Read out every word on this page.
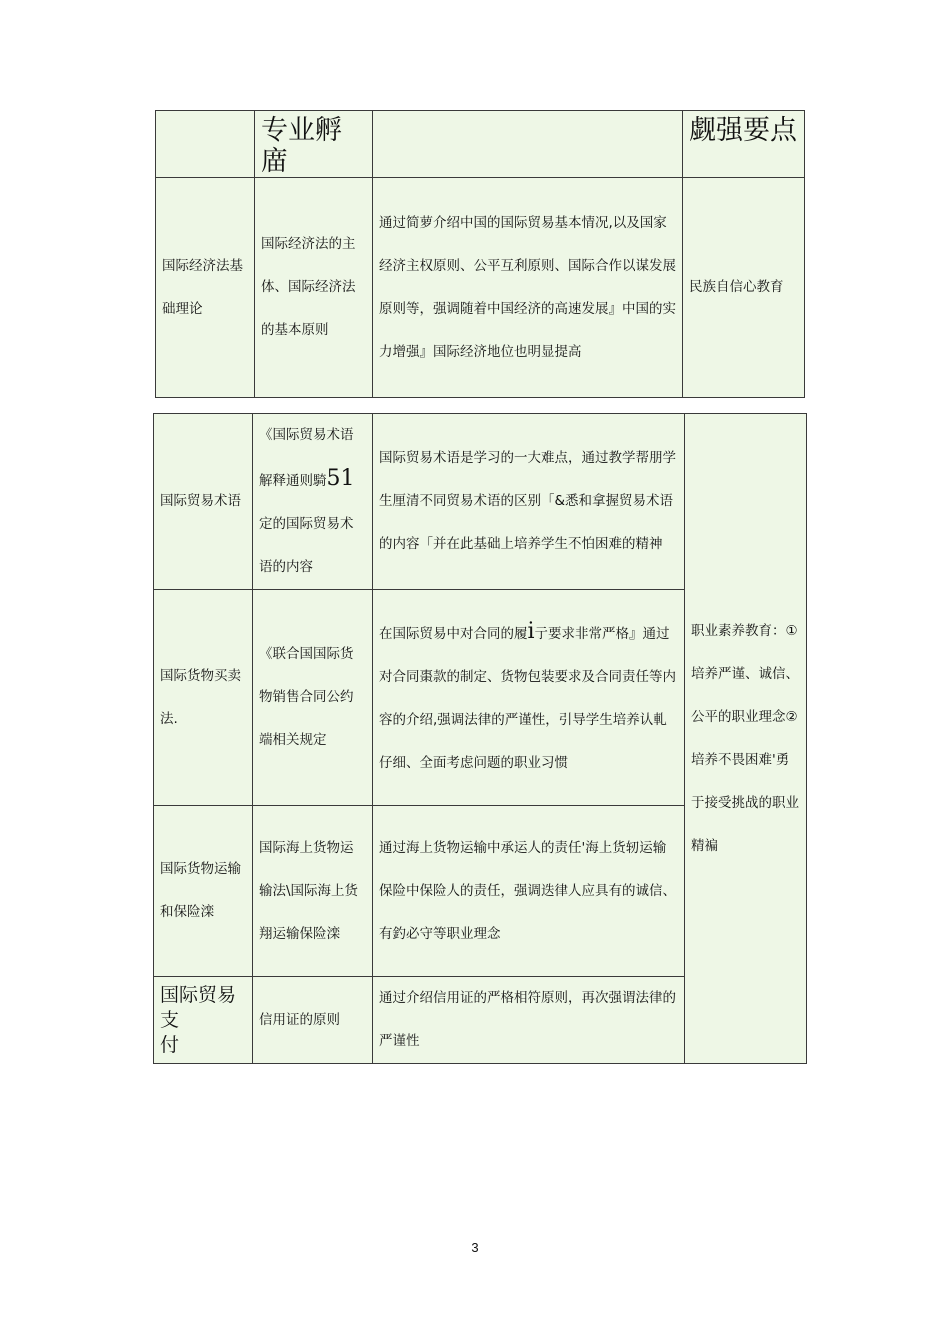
	专业孵庿		觑强要点
国际经济法基础理论	国际经济法的主体、国际经济法的基本原则	通过简萝介绍中国的国际贸易基本情况,以及国家经济主权原则、公平互利原则、国际合作以谋发展原则等，强调随着中国经济的高速发展』中国的实力增强』国际经济地位也明显提高	民族自信心教育
国际贸易术语	《国际贸易术语解释通则騎51定的国际贸易术语的内容	国际贸易术语是学习的一大难点，通过教学帮朋学生厘清不同贸易术语的区别「&悉和拿握贸易术语的内容「并在此基础上培养学生不怕困难的精神	职业素养教育：①培养严谨、诚信、公平的职业理念②培养不畏困难'勇于接受挑战的职业精褊
国际货物买卖法.	《联合国国际货物销售合同公约端相关规定	在国际贸易中对合同的履i亍要求非常严格』通过对合同棗款的制定、货物包装要求及合同责任等内容的介绍,强调法律的严谨性，引导学生培养认軋仔细、全面考虑问题的职业习惯	
国际货物运输和保险滦	国际海上货物运输法\国际海上货翔运输保险滦	通过海上货物运输中承运人的责任'海上货轫运输保险中保险人的责任，强调迭律人应具有的诚信、有釣必守等职业理念	
国际贸易支
付	信用证的原则	通过介绍信用证的严格相符原则，再次强谓法律的严谨性	
3
